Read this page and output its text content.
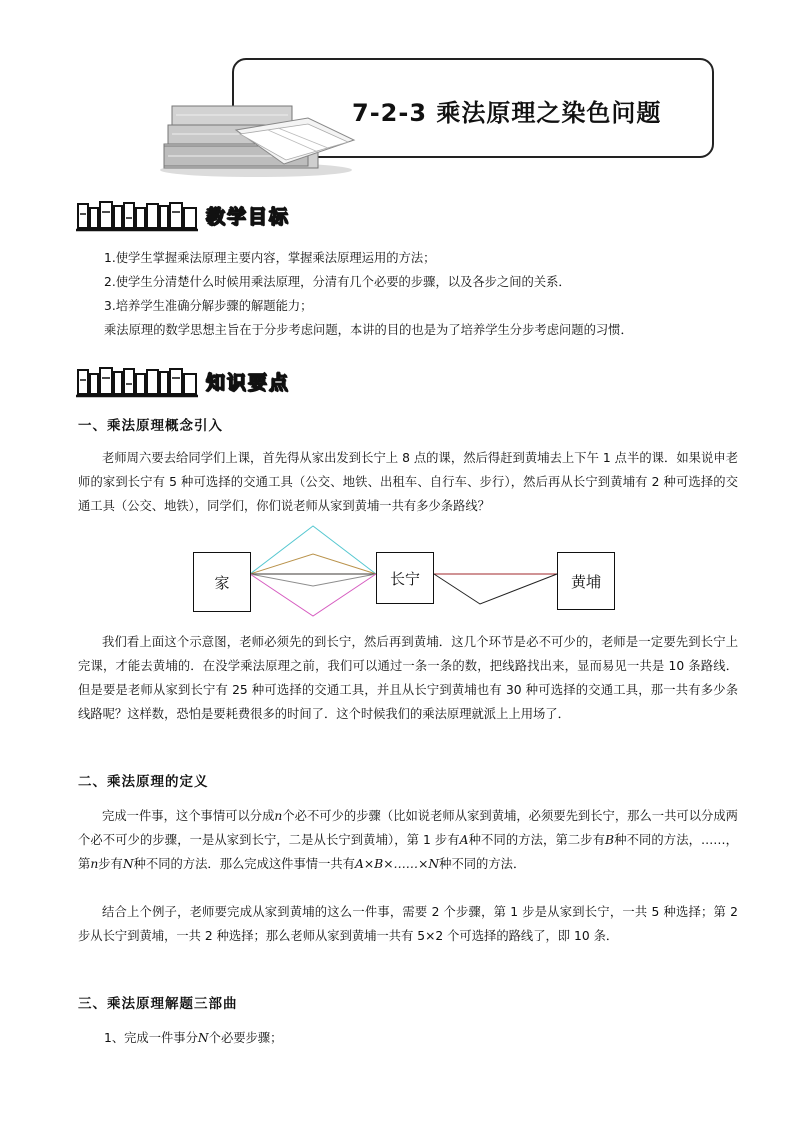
7-2-3 乘法原理之染色问题
教学目标
1.使学生掌握乘法原理主要内容，掌握乘法原理运用的方法；
2.使学生分清楚什么时候用乘法原理，分清有几个必要的步骤，以及各步之间的关系．
3.培养学生准确分解步骤的解题能力；
乘法原理的数学思想主旨在于分步考虑问题，本讲的目的也是为了培养学生分步考虑问题的习惯．
知识要点
一、乘法原理概念引入
老师周六要去给同学们上课，首先得从家出发到长宁上 8 点的课，然后得赶到黄埔去上下午 1 点半的课．如果说申老师的家到长宁有 5 种可选择的交通工具（公交、地铁、出租车、自行车、步行），然后再从长宁到黄埔有 2 种可选择的交通工具（公交、地铁），同学们，你们说老师从家到黄埔一共有多少条路线？
家	长宁	黄埔
我们看上面这个示意图，老师必须先的到长宁，然后再到黄埔．这几个环节是必不可少的，老师是一定要先到长宁上完课，才能去黄埔的．在没学乘法原理之前，我们可以通过一条一条的数，把线路找出来，显而易见一共是 10 条路线．但是要是老师从家到长宁有 25 种可选择的交通工具，并且从长宁到黄埔也有 30 种可选择的交通工具，那一共有多少条线路呢？这样数，恐怕是要耗费很多的时间了．这个时候我们的乘法原理就派上上用场了．
二、乘法原理的定义
完成一件事，这个事情可以分成n个必不可少的步骤（比如说老师从家到黄埔，必须要先到长宁，那么一共可以分成两个必不可少的步骤，一是从家到长宁，二是从长宁到黄埔），第 1 步有A种不同的方法，第二步有B种不同的方法，……，第n步有N种不同的方法．那么完成这件事情一共有A×B×……×N种不同的方法．
结合上个例子，老师要完成从家到黄埔的这么一件事，需要 2 个步骤，第 1 步是从家到长宁，一共 5 种选择；第 2 步从长宁到黄埔，一共 2 种选择；那么老师从家到黄埔一共有 5×2 个可选择的路线了，即 10 条．
三、乘法原理解题三部曲
1、完成一件事分N个必要步骤；
